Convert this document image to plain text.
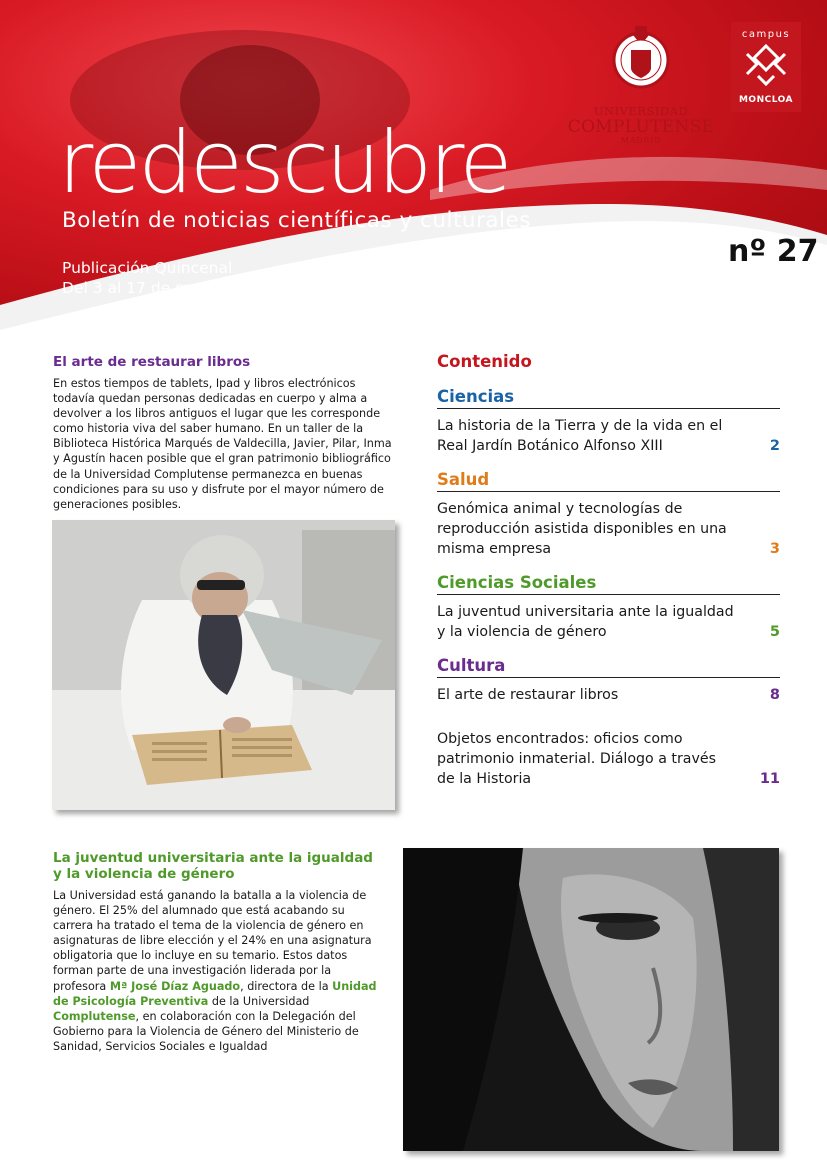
redescubre
Boletín de noticias científicas y culturales
Publicación Quincenal
Del 3 al 17 de marzo de 2014
nº 27
UNIVERSIDAD
COMPLUTENSE
MADRID
campus
MONCLOA
El arte de restaurar libros

En estos tiempos de tablets, Ipad y libros electrónicos todavía quedan personas dedicadas en cuerpo y alma a devolver a los libros antiguos el lugar que les corresponde como historia viva del saber humano. En un taller de la Biblioteca Histórica Marqués de Valdecilla, Javier, Pilar, Inma y Agustín hacen posible que el gran patrimonio bibliográfico de la Universidad Complutense permanezca en buenas condiciones para su uso y disfrute por el mayor número de generaciones posibles.

La juventud universitaria ante la igualdad y la violencia de género

La Universidad está ganando la batalla a la violencia de género. El 25% del alumnado que está acabando su carrera ha tratado el tema de la violencia de género en asignaturas de libre elección y el 24% en una asignatura obligatoria que lo incluye en su temario. Estos datos forman parte de una investigación liderada por la profesora Mª José Díaz Aguado, directora de la Unidad de Psicología Preventiva de la Universidad Complutense, en colaboración con la Delegación del Gobierno para la Violencia de Género del Ministerio de Sanidad, Servicios Sociales e Igualdad

Contenido
Ciencias
La historia de la Tierra y de la vida en el Real Jardín Botánico Alfonso XIII	2
Salud
Genómica animal y tecnologías de reproducción asistida disponibles en una misma empresa	3
Ciencias Sociales
La juventud universitaria ante la igualdad y la violencia de género	5
Cultura
El arte de restaurar libros	8
Objetos encontrados: oficios como patrimonio inmaterial. Diálogo a través de la Historia	11
